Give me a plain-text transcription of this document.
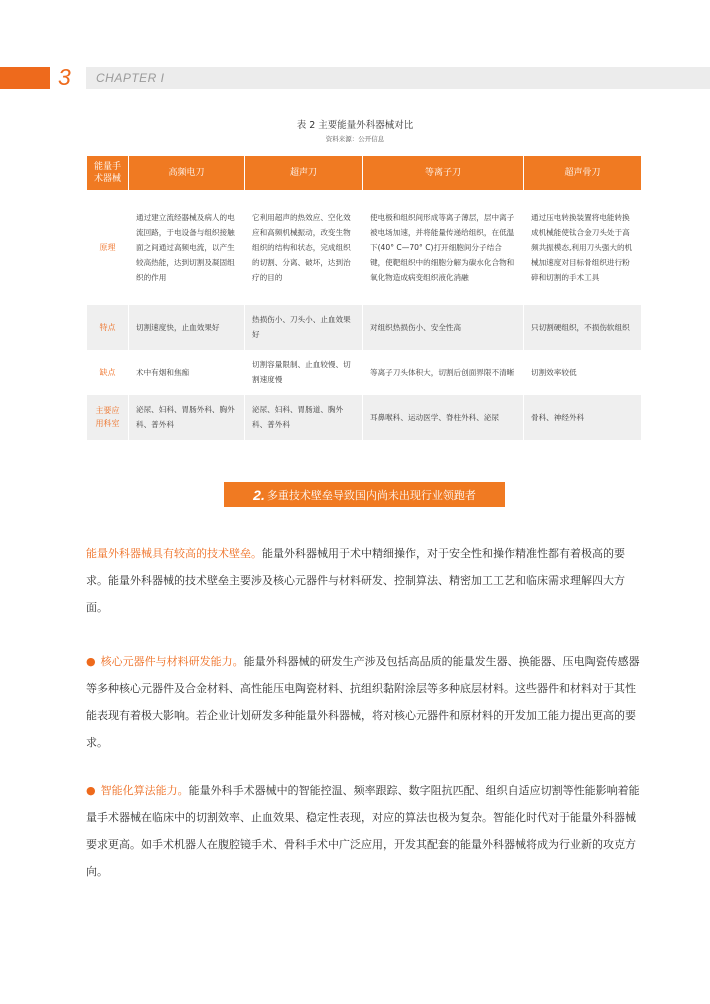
3 CHAPTER I
表 2 主要能量外科器械对比
资料来源：公开信息
能量手
术器械	高频电刀	超声刀	等离子刀	超声骨刀

原理	通过建立流经器械及病人的电流回路，于电设备与组织接触面之间通过高频电流，以产生较高热能，达到切割及凝固组织的作用	它利用超声的热效应、空化效应和高频机械振动，改变生物组织的结构和状态，完成组织的切割、分离、破坏，达到治疗的目的	使电极和组织间形成等离子薄层，层中离子被电场加速，并将能量传递给组织，在低温下(40° C—70° C)打开细胞间分子结合键，使靶组织中的细胞分解为碳水化合物和氧化物造成病变组织液化消融	通过压电转换装置将电能转换成机械能使钛合金刀头处于高频共振模态,利用刀头强大的机械加速度对目标骨组织进行粉碎和切割的手术工具

特点	切割速度快，止血效果好	热损伤小、刀头小、止血效果好	对组织热损伤小、安全性高	只切割硬组织，不损伤软组织

缺点	术中有烟和焦痂	切割容量限制、止血较慢、切割速度慢	等离子刀头体积大，切割后创面界限不清晰	切割效率较低

主要应
用科室	泌尿、妇科、胃肠外科、胸外科、普外科	泌尿、妇科、胃肠道、胸外科、普外科	耳鼻喉科、运动医学、脊柱外科、泌尿	骨科、神经外科
2. 多重技术壁垒导致国内尚未出现行业领跑者
能量外科器械具有较高的技术壁垒。能量外科器械用于术中精细操作，对于安全性和操作精准性都有着极高的要求。能量外科器械的技术壁垒主要涉及核心元器件与材料研发、控制算法、精密加工工艺和临床需求理解四大方面。
● 核心元器件与材料研发能力。能量外科器械的研发生产涉及包括高品质的能量发生器、换能器、压电陶瓷传感器等多种核心元器件及合金材料、高性能压电陶瓷材料、抗组织黏附涂层等多种底层材料。这些器件和材料对于其性能表现有着极大影响。若企业计划研发多种能量外科器械，将对核心元器件和原材料的开发加工能力提出更高的要求。
● 智能化算法能力。能量外科手术器械中的智能控温、频率跟踪、数字阻抗匹配、组织自适应切割等性能影响着能量手术器械在临床中的切割效率、止血效果、稳定性表现，对应的算法也极为复杂。智能化时代对于能量外科器械要求更高。如手术机器人在腹腔镜手术、骨科手术中广泛应用，开发其配套的能量外科器械将成为行业新的攻克方向。
